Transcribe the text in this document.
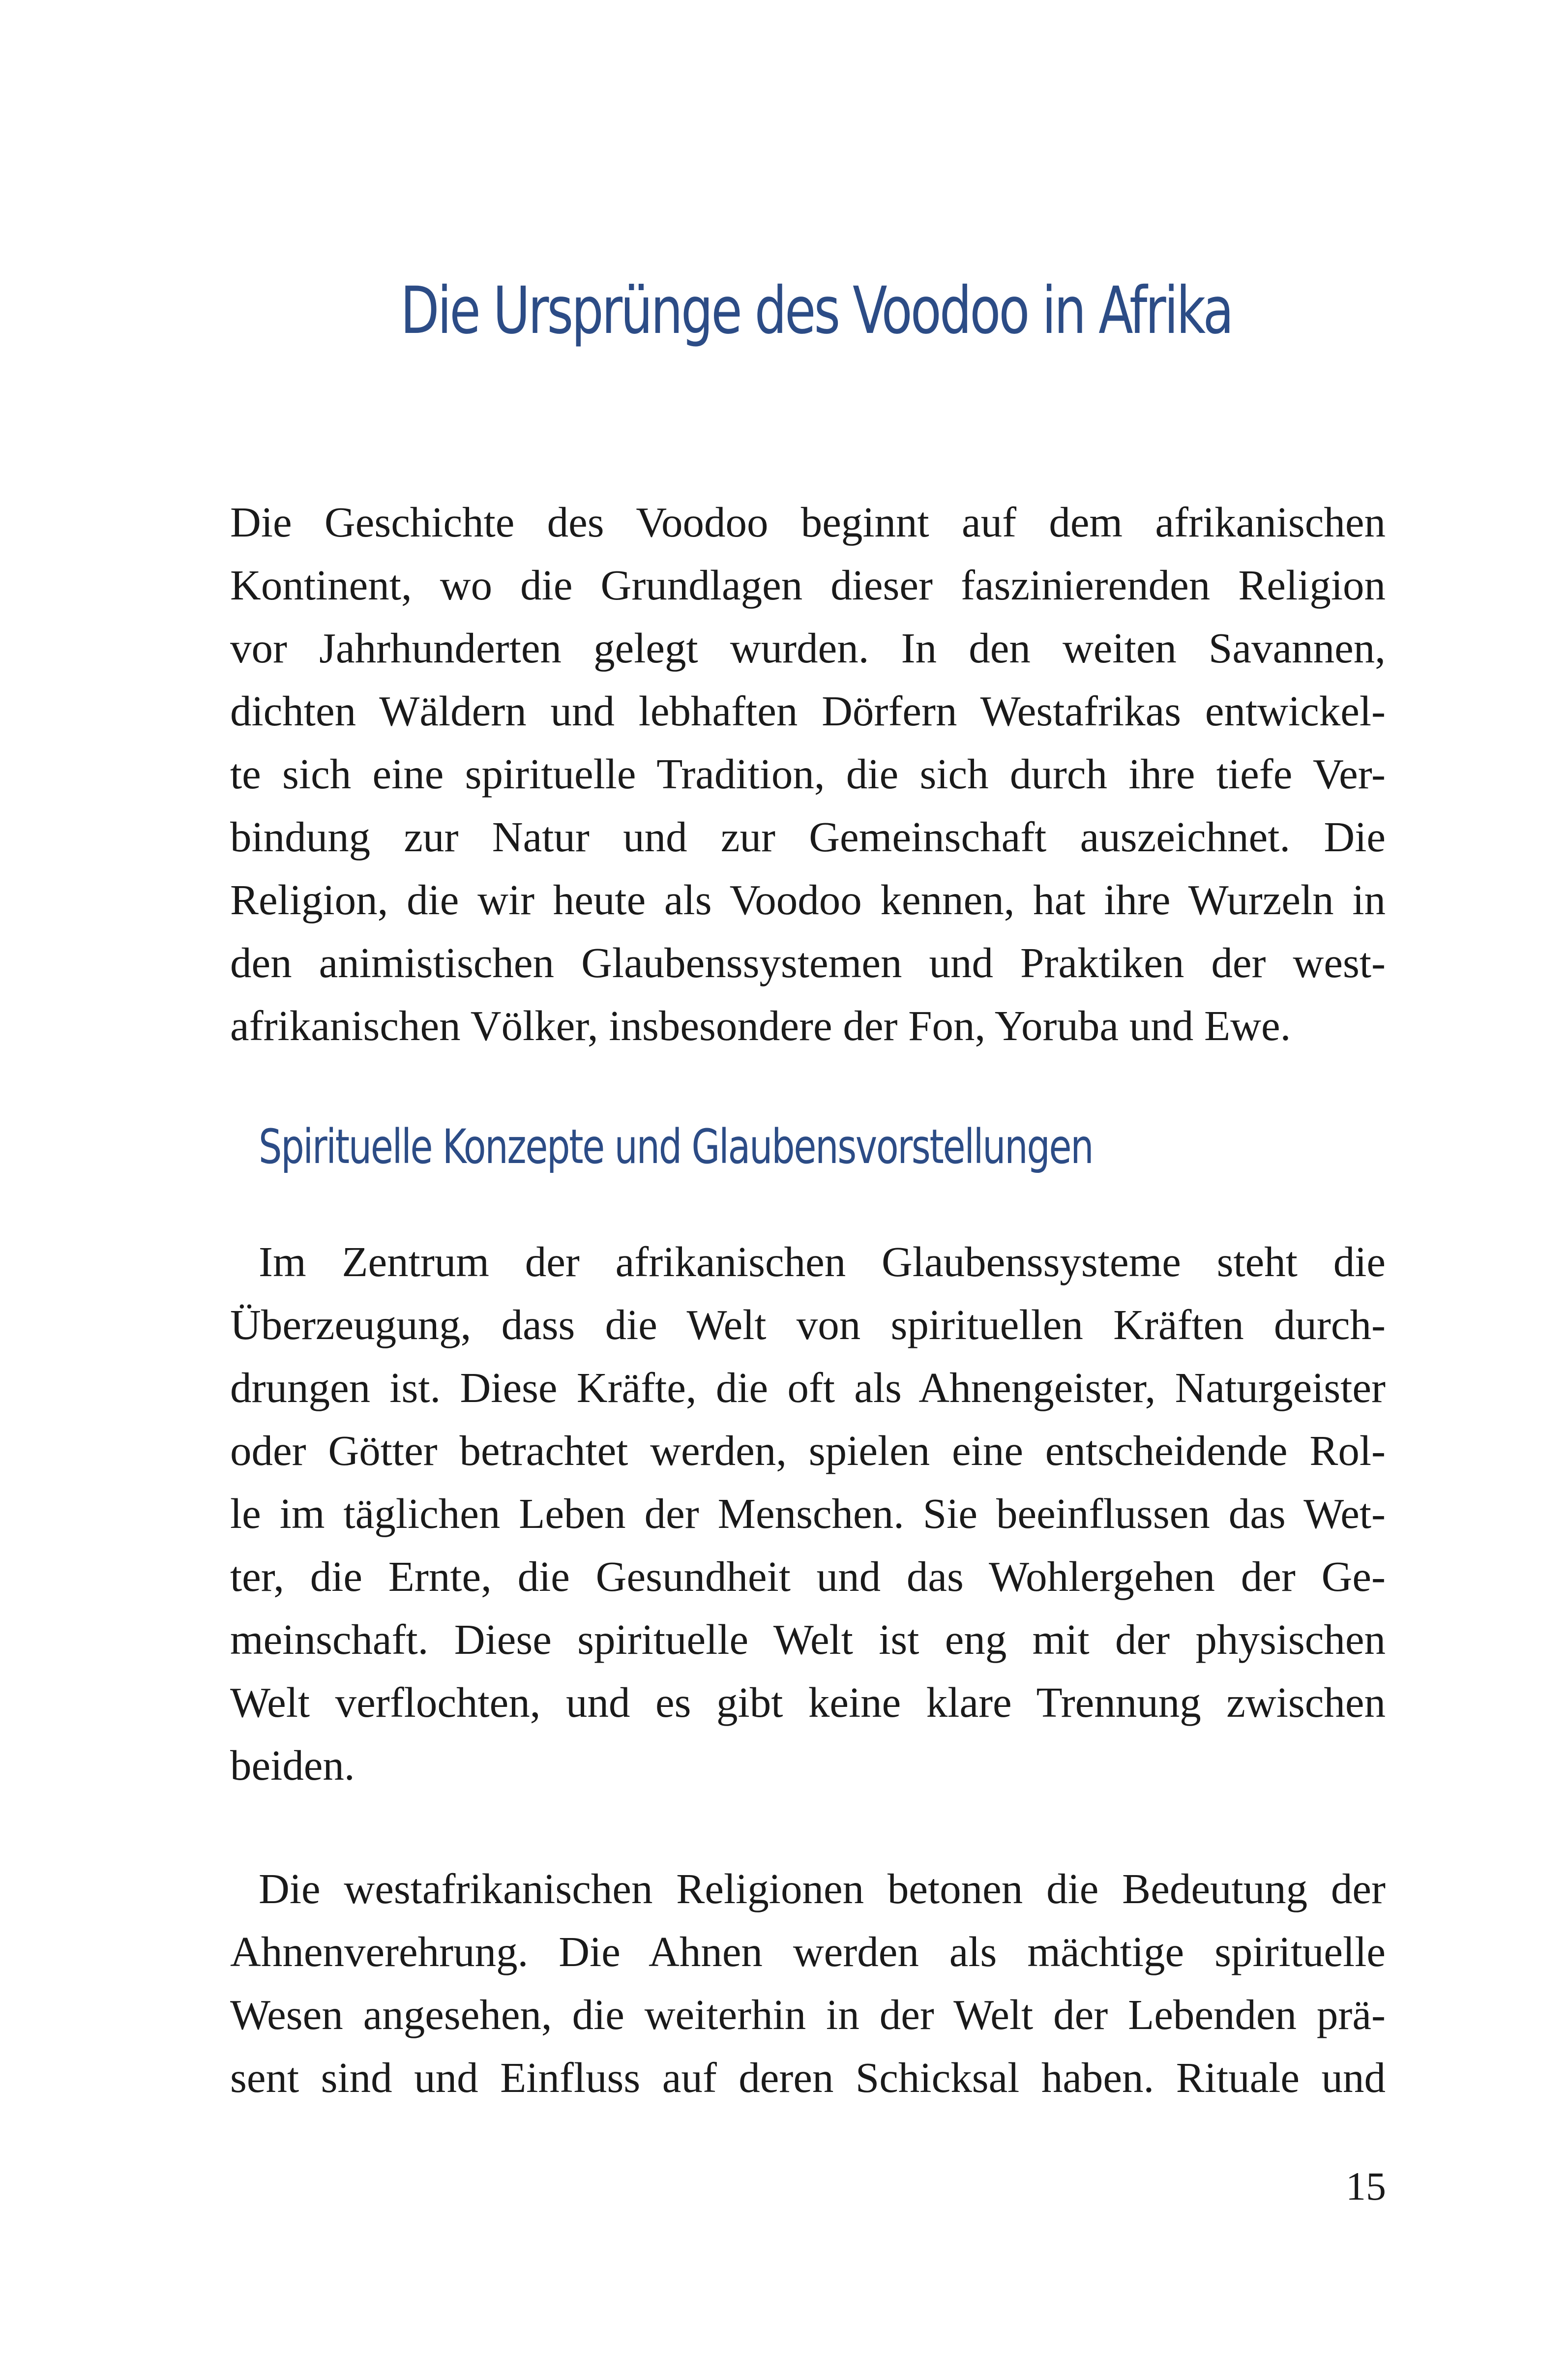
Die Ursprünge des Voodoo in Afrika
Die Geschichte des Voodoo beginnt auf dem afrikanischen
Kontinent, wo die Grundlagen dieser faszinierenden Religion
vor Jahrhunderten gelegt wurden. In den weiten Savannen,
dichten Wäldern und lebhaften Dörfern Westafrikas entwickel-
te sich eine spirituelle Tradition, die sich durch ihre tiefe Ver-
bindung zur Natur und zur Gemeinschaft auszeichnet. Die
Religion, die wir heute als Voodoo kennen, hat ihre Wurzeln in
den animistischen Glaubenssystemen und Praktiken der west-
afrikanischen Völker, insbesondere der Fon, Yoruba und Ewe.
Spirituelle Konzepte und Glaubensvorstellungen
Im Zentrum der afrikanischen Glaubenssysteme steht die
Überzeugung, dass die Welt von spirituellen Kräften durch-
drungen ist. Diese Kräfte, die oft als Ahnengeister, Naturgeister
oder Götter betrachtet werden, spielen eine entscheidende Rol-
le im täglichen Leben der Menschen. Sie beeinflussen das Wet-
ter, die Ernte, die Gesundheit und das Wohlergehen der Ge-
meinschaft. Diese spirituelle Welt ist eng mit der physischen
Welt verflochten, und es gibt keine klare Trennung zwischen
beiden.
Die westafrikanischen Religionen betonen die Bedeutung der
Ahnenverehrung. Die Ahnen werden als mächtige spirituelle
Wesen angesehen, die weiterhin in der Welt der Lebenden prä-
sent sind und Einfluss auf deren Schicksal haben. Rituale und
15
